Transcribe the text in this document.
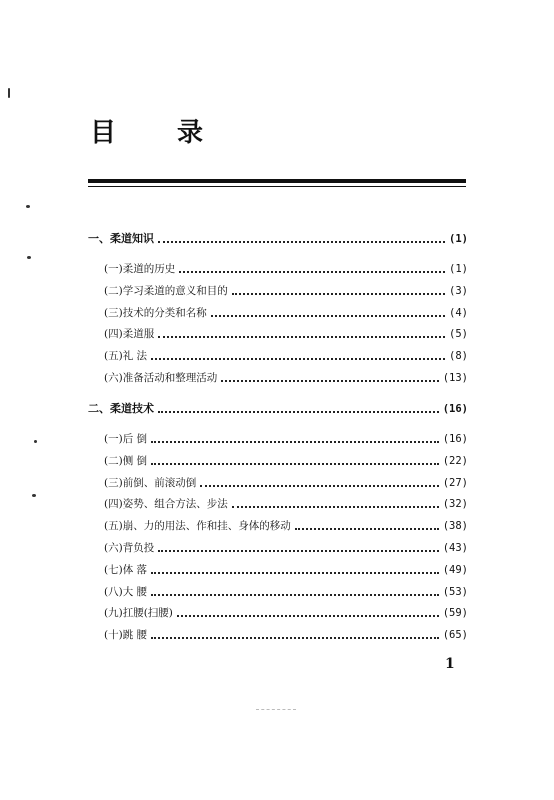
目 录
一、柔道知识	(1)
(一)柔道的历史	(1)
(二)学习柔道的意义和目的	(3)
(三)技术的分类和名称	(4)
(四)柔道服	(5)
(五)礼 法	(8)
(六)准备活动和整理活动	(13)
二、柔道技术	(16)
(一)后 倒	(16)
(二)侧 倒	(22)
(三)前倒、前滚动倒	(27)
(四)姿势、组合方法、步法	(32)
(五)崩、力的用法、作和挂、身体的移动	(38)
(六)背负投	(43)
(七)体 落	(49)
(八)大 腰	(53)
(九)扛腰(扫腰)	(59)
(十)跳 腰	(65)
1
